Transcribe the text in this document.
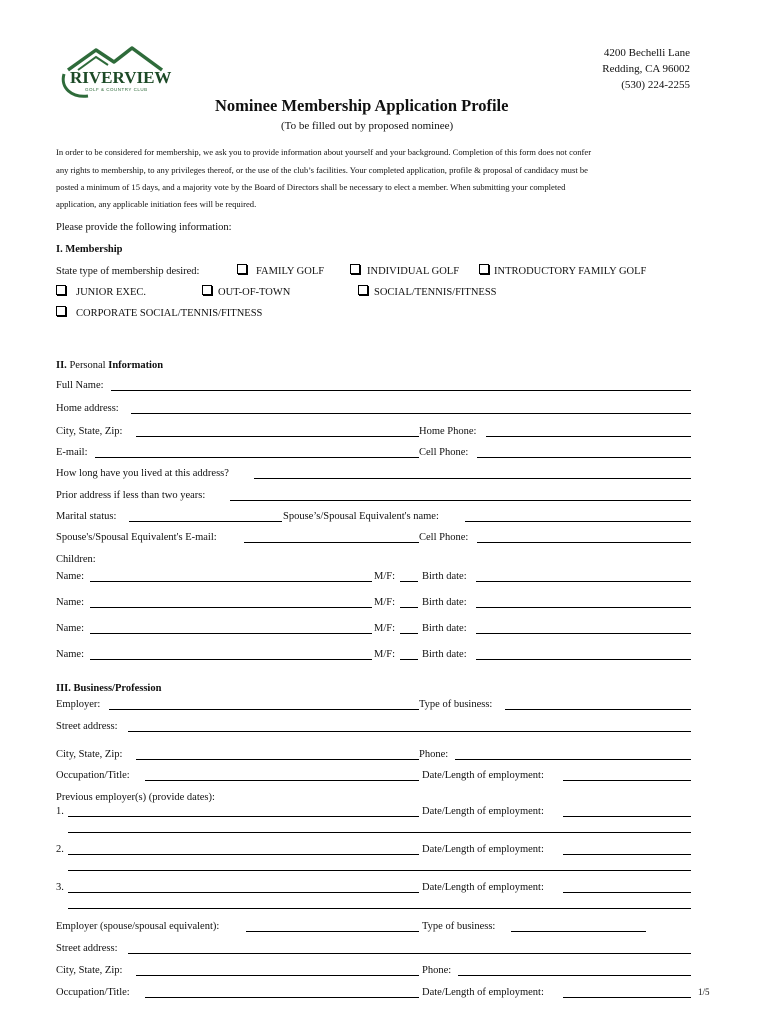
RIVERVIEW
GOLF & COUNTRY CLUB
4200 Bechelli Lane
Redding, CA 96002
(530) 224-2255
Nominee Membership Application Profile
(To be filled out by proposed nominee)
In order to be considered for membership, we ask you to provide information about yourself and your background. Completion of this form does not confer
any rights to membership, to any privileges thereof, or the use of the club’s facilities. Your completed application, profile & proposal of candidacy must be
posted a minimum of 15 days, and a majority vote by the Board of Directors shall be necessary to elect a member. When submitting your completed
application, any applicable initiation fees will be required.
Please provide the following information:
I. Membership
State type of membership desired:	FAMILY GOLF	INDIVIDUAL GOLF	INTRODUCTORY FAMILY GOLF
JUNIOR EXEC.	OUT-OF-TOWN	SOCIAL/TENNIS/FITNESS
CORPORATE SOCIAL/TENNIS/FITNESS
II. Personal Information
Full Name:
Home address:
City, State, Zip:	Home Phone:
E-mail:	Cell Phone:
How long have you lived at this address?
Prior address if less than two years:
Marital status:	Spouse’s/Spousal Equivalent's name:
Spouse's/Spousal Equivalent's E-mail:	Cell Phone:
Children:
Name:	M/F:	Birth date:
Name:	M/F:	Birth date:
Name:	M/F:	Birth date:
Name:	M/F:	Birth date:
III. Business/Profession
Employer:	Type of business:
Street address:
City, State, Zip:	Phone:
Occupation/Title:	Date/Length of employment:
Previous employer(s) (provide dates):
1.	Date/Length of employment:
2.	Date/Length of employment:
3.	Date/Length of employment:
Employer (spouse/spousal equivalent):	Type of business:
Street address:
City, State, Zip:	Phone:
Occupation/Title:	Date/Length of employment:	1/5
